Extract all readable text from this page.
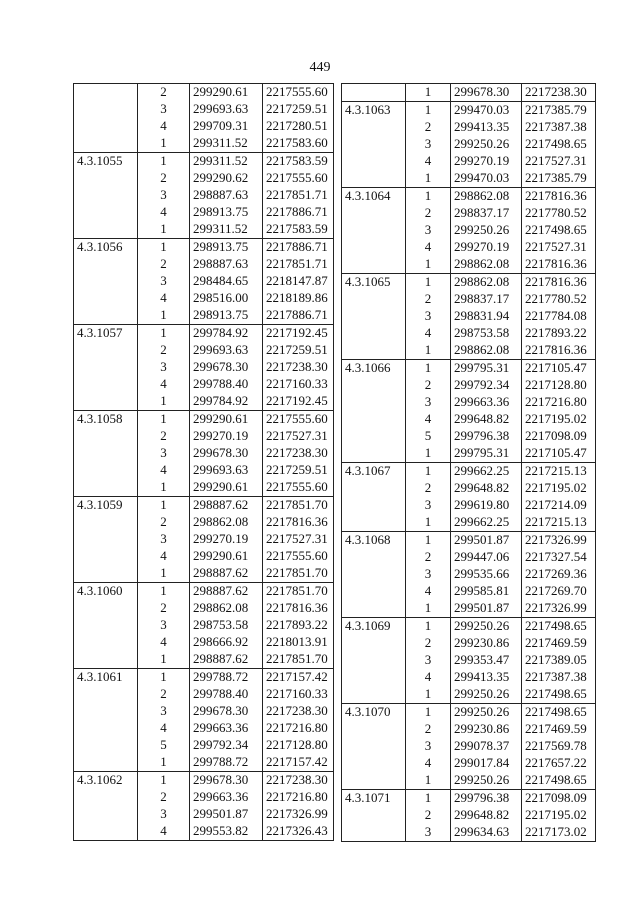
449
	2	299290.61	2217555.60
	3	299693.63	2217259.51
	4	299709.31	2217280.51
	1	299311.52	2217583.60
4.3.1055	1	299311.52	2217583.59
	2	299290.62	2217555.60
	3	298887.63	2217851.71
	4	298913.75	2217886.71
	1	299311.52	2217583.59
4.3.1056	1	298913.75	2217886.71
	2	298887.63	2217851.71
	3	298484.65	2218147.87
	4	298516.00	2218189.86
	1	298913.75	2217886.71
4.3.1057	1	299784.92	2217192.45
	2	299693.63	2217259.51
	3	299678.30	2217238.30
	4	299788.40	2217160.33
	1	299784.92	2217192.45
4.3.1058	1	299290.61	2217555.60
	2	299270.19	2217527.31
	3	299678.30	2217238.30
	4	299693.63	2217259.51
	1	299290.61	2217555.60
4.3.1059	1	298887.62	2217851.70
	2	298862.08	2217816.36
	3	299270.19	2217527.31
	4	299290.61	2217555.60
	1	298887.62	2217851.70
4.3.1060	1	298887.62	2217851.70
	2	298862.08	2217816.36
	3	298753.58	2217893.22
	4	298666.92	2218013.91
	1	298887.62	2217851.70
4.3.1061	1	299788.72	2217157.42
	2	299788.40	2217160.33
	3	299678.30	2217238.30
	4	299663.36	2217216.80
	5	299792.34	2217128.80
	1	299788.72	2217157.42
4.3.1062	1	299678.30	2217238.30
	2	299663.36	2217216.80
	3	299501.87	2217326.99
	4	299553.82	2217326.43
	1	299678.30	2217238.30
4.3.1063	1	299470.03	2217385.79
	2	299413.35	2217387.38
	3	299250.26	2217498.65
	4	299270.19	2217527.31
	1	299470.03	2217385.79
4.3.1064	1	298862.08	2217816.36
	2	298837.17	2217780.52
	3	299250.26	2217498.65
	4	299270.19	2217527.31
	1	298862.08	2217816.36
4.3.1065	1	298862.08	2217816.36
	2	298837.17	2217780.52
	3	298831.94	2217784.08
	4	298753.58	2217893.22
	1	298862.08	2217816.36
4.3.1066	1	299795.31	2217105.47
	2	299792.34	2217128.80
	3	299663.36	2217216.80
	4	299648.82	2217195.02
	5	299796.38	2217098.09
	1	299795.31	2217105.47
4.3.1067	1	299662.25	2217215.13
	2	299648.82	2217195.02
	3	299619.80	2217214.09
	1	299662.25	2217215.13
4.3.1068	1	299501.87	2217326.99
	2	299447.06	2217327.54
	3	299535.66	2217269.36
	4	299585.81	2217269.70
	1	299501.87	2217326.99
4.3.1069	1	299250.26	2217498.65
	2	299230.86	2217469.59
	3	299353.47	2217389.05
	4	299413.35	2217387.38
	1	299250.26	2217498.65
4.3.1070	1	299250.26	2217498.65
	2	299230.86	2217469.59
	3	299078.37	2217569.78
	4	299017.84	2217657.22
	1	299250.26	2217498.65
4.3.1071	1	299796.38	2217098.09
	2	299648.82	2217195.02
	3	299634.63	2217173.02
